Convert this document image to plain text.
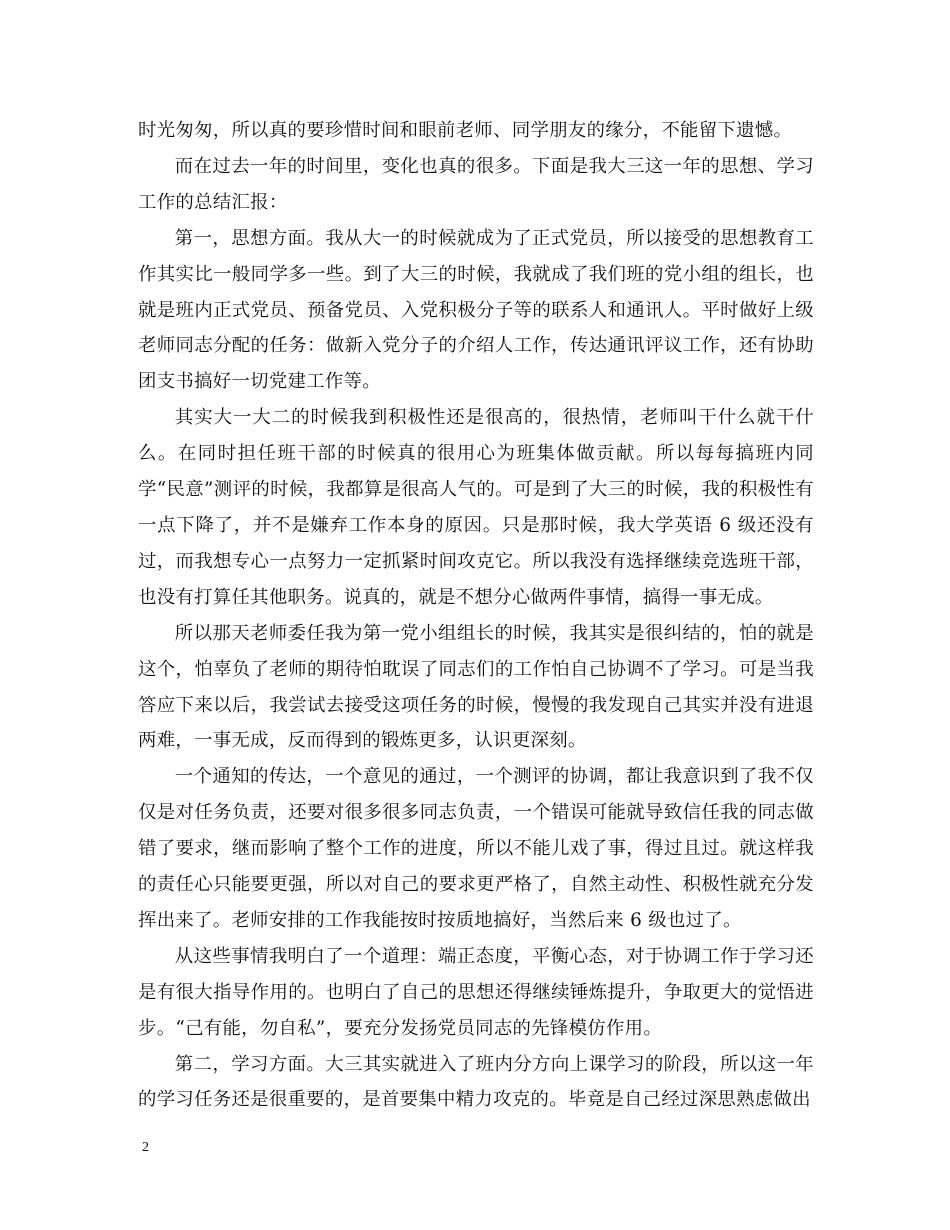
时光匆匆，所以真的要珍惜时间和眼前老师、同学朋友的缘分，不能留下遗憾。

而在过去一年的时间里，变化也真的很多。下面是我大三这一年的思想、学习工作的总结汇报：

第一，思想方面。我从大一的时候就成为了正式党员，所以接受的思想教育工作其实比一般同学多一些。到了大三的时候，我就成了我们班的党小组的组长，也就是班内正式党员、预备党员、入党积极分子等的联系人和通讯人。平时做好上级老师同志分配的任务：做新入党分子的介绍人工作，传达通讯评议工作，还有协助团支书搞好一切党建工作等。

其实大一大二的时候我到积极性还是很高的，很热情，老师叫干什么就干什么。在同时担任班干部的时候真的很用心为班集体做贡献。所以每每搞班内同学“民意”测评的时候，我都算是很高人气的。可是到了大三的时候，我的积极性有一点下降了，并不是嫌弃工作本身的原因。只是那时候，我大学英语 6 级还没有过，而我想专心一点努力一定抓紧时间攻克它。所以我没有选择继续竞选班干部，也没有打算任其他职务。说真的，就是不想分心做两件事情，搞得一事无成。

所以那天老师委任我为第一党小组组长的时候，我其实是很纠结的，怕的就是这个，怕辜负了老师的期待怕耽误了同志们的工作怕自己协调不了学习。可是当我答应下来以后，我尝试去接受这项任务的时候，慢慢的我发现自己其实并没有进退两难，一事无成，反而得到的锻炼更多，认识更深刻。

一个通知的传达，一个意见的通过，一个测评的协调，都让我意识到了我不仅仅是对任务负责，还要对很多很多同志负责，一个错误可能就导致信任我的同志做错了要求，继而影响了整个工作的进度，所以不能儿戏了事，得过且过。就这样我的责任心只能要更强，所以对自己的要求更严格了，自然主动性、积极性就充分发挥出来了。老师安排的工作我能按时按质地搞好，当然后来 6 级也过了。

从这些事情我明白了一个道理：端正态度，平衡心态，对于协调工作于学习还是有很大指导作用的。也明白了自己的思想还得继续锤炼提升，争取更大的觉悟进步。“己有能，勿自私”，要充分发扬党员同志的先锋模仿作用。

第二，学习方面。大三其实就进入了班内分方向上课学习的阶段，所以这一年的学习任务还是很重要的，是首要集中精力攻克的。毕竟是自己经过深思熟虑做出

2
